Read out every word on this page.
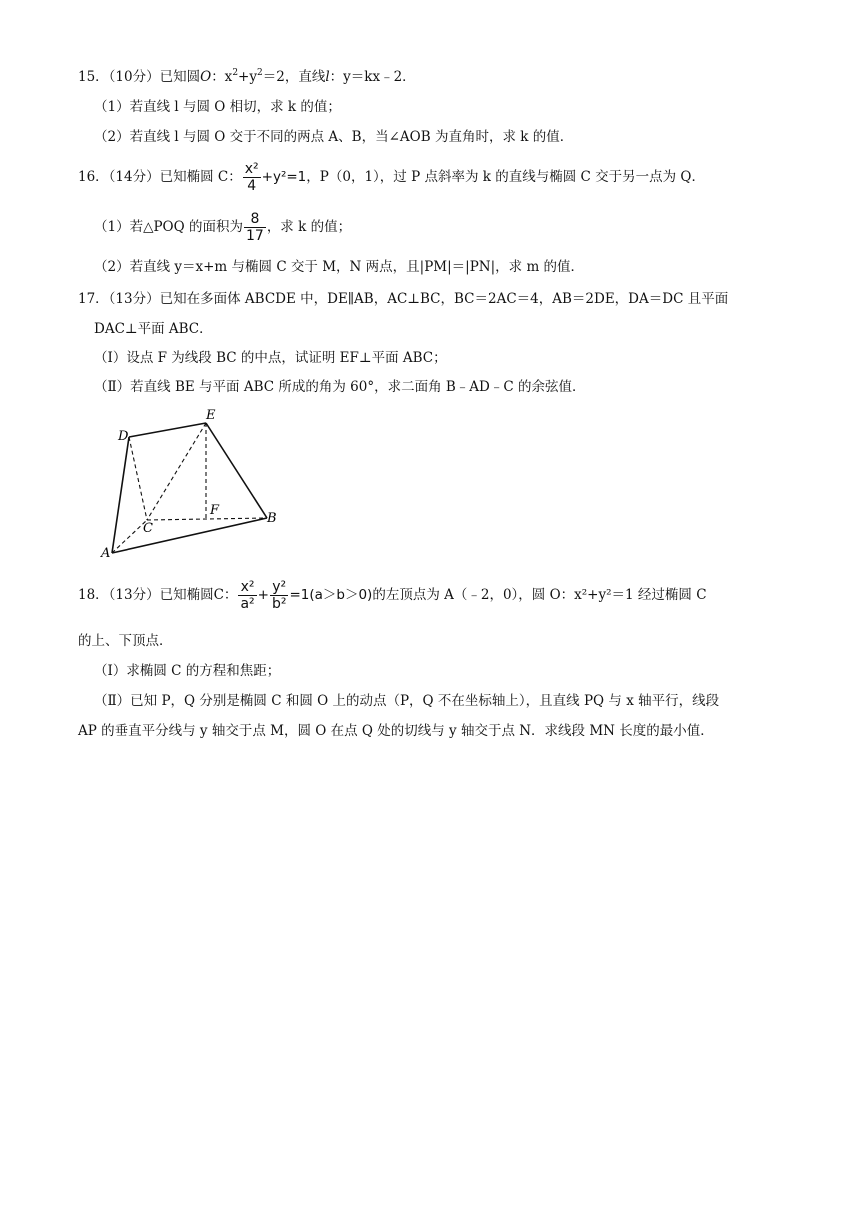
15．（10分）已知圆O：$x^2+y^2=2$，直线l：y＝kx﹣2．
（1）若直线 l 与圆 O 相切，求 k 的值；
（2）若直线 l 与圆 O 交于不同的两点 A、B，当∠AOB 为直角时，求 k 的值．
16．（14分）已知椭圆 C： $\frac{\text{x²}}{4} +y^2=1$，P（0，1），过 P 点斜率为 k 的直线与椭圆 C 交于另一点为 Q．
（1）若△POQ 的面积为 $\frac{8}{17}$ ，求 k 的值；
（2）若直线 y＝x+m 与椭圆 C 交于 M，N 两点，且|PM|＝|PN|，求 m 的值．
17．（13分）已知在多面体 ABCDE 中，DE∥AB，AC⊥BC，BC＝2AC＝4，AB＝2DE，DA＝DC 且平面
DAC⊥平面 ABC．
（Ⅰ）设点 F 为线段 BC 的中点，试证明 EF⊥平面 ABC；
（Ⅱ）若直线 BE 与平面 ABC 所成的角为 60°，求二面角 B﹣AD﹣C 的余弦值．
D
E
F
C
B
A
18．（13分）已知椭圆C： $\frac{\text{x²}}{\text{a²}} + \frac{\text{y²}}{\text{b²}} =1(a>b>0)$的左顶点为 A（﹣2，0），圆 O：x²+y²＝1 经过椭圆 C
的上、下顶点．
（Ⅰ）求椭圆 C 的方程和焦距；
（Ⅱ）已知 P，Q 分别是椭圆 C 和圆 O 上的动点（P，Q 不在坐标轴上），且直线 PQ 与 x 轴平行，线段
AP 的垂直平分线与 y 轴交于点 M，圆 O 在点 Q 处的切线与 y 轴交于点 N．求线段 MN 长度的最小值．
